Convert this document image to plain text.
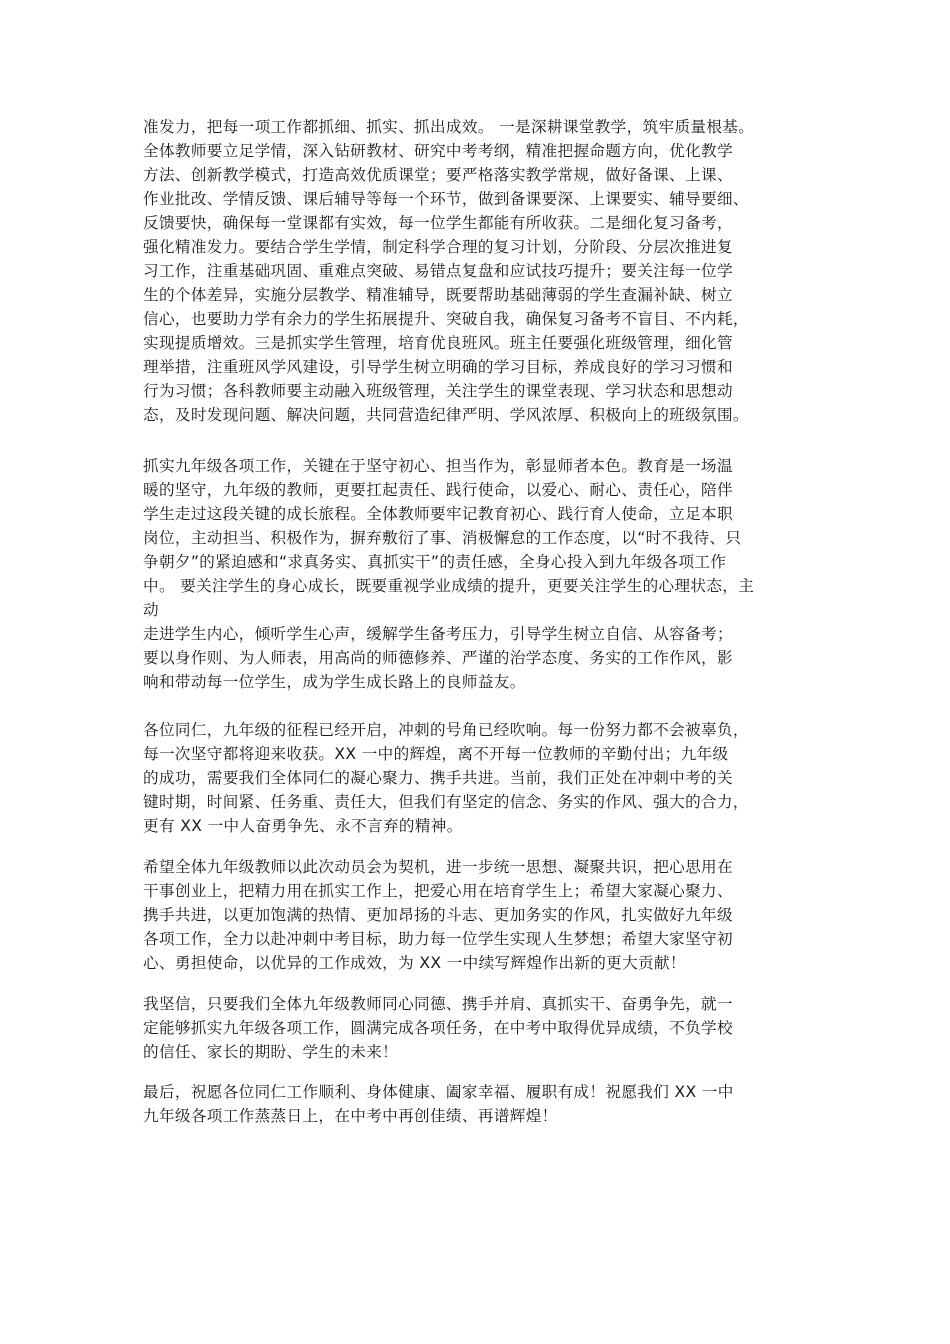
准发力，把每一项工作都抓细、抓实、抓出成效。 一是深耕课堂教学，筑牢质量根基。
全体教师要立足学情，深入钻研教材、研究中考考纲，精准把握命题方向，优化教学
方法、创新教学模式，打造高效优质课堂；要严格落实教学常规，做好备课、上课、
作业批改、学情反馈、课后辅导等每一个环节，做到备课要深、上课要实、辅导要细、
反馈要快，确保每一堂课都有实效，每一位学生都能有所收获。二是细化复习备考，
强化精准发力。要结合学生学情，制定科学合理的复习计划，分阶段、分层次推进复
习工作，注重基础巩固、重难点突破、易错点复盘和应试技巧提升；要关注每一位学
生的个体差异，实施分层教学、精准辅导，既要帮助基础薄弱的学生查漏补缺、树立
信心，也要助力学有余力的学生拓展提升、突破自我，确保复习备考不盲目、不内耗，
实现提质增效。三是抓实学生管理，培育优良班风。班主任要强化班级管理，细化管
理举措，注重班风学风建设，引导学生树立明确的学习目标，养成良好的学习习惯和
行为习惯；各科教师要主动融入班级管理，关注学生的课堂表现、学习状态和思想动
态，及时发现问题、解决问题，共同营造纪律严明、学风浓厚、积极向上的班级氛围。
抓实九年级各项工作，关键在于坚守初心、担当作为，彰显师者本色。教育是一场温
暖的坚守，九年级的教师，更要扛起责任、践行使命，以爱心、耐心、责任心，陪伴
学生走过这段关键的成长旅程。全体教师要牢记教育初心、践行育人使命，立足本职
岗位，主动担当、积极作为，摒弃敷衍了事、消极懈怠的工作态度，以“时不我待、只
争朝夕”的紧迫感和“求真务实、真抓实干”的责任感，全身心投入到九年级各项工作
中。 要关注学生的身心成长，既要重视学业成绩的提升，更要关注学生的心理状态，主
动
走进学生内心，倾听学生心声，缓解学生备考压力，引导学生树立自信、从容备考；
要以身作则、为人师表，用高尚的师德修养、严谨的治学态度、务实的工作作风，影
响和带动每一位学生，成为学生成长路上的良师益友。
各位同仁，九年级的征程已经开启，冲刺的号角已经吹响。每一份努力都不会被辜负，
每一次坚守都将迎来收获。XX 一中的辉煌，离不开每一位教师的辛勤付出；九年级
的成功，需要我们全体同仁的凝心聚力、携手共进。当前，我们正处在冲刺中考的关
键时期，时间紧、任务重、责任大，但我们有坚定的信念、务实的作风、强大的合力，
更有 XX 一中人奋勇争先、永不言弃的精神。
希望全体九年级教师以此次动员会为契机，进一步统一思想、凝聚共识，把心思用在
干事创业上，把精力用在抓实工作上，把爱心用在培育学生上；希望大家凝心聚力、
携手共进，以更加饱满的热情、更加昂扬的斗志、更加务实的作风，扎实做好九年级
各项工作，全力以赴冲刺中考目标，助力每一位学生实现人生梦想；希望大家坚守初
心、勇担使命，以优异的工作成效，为 XX 一中续写辉煌作出新的更大贡献！
我坚信，只要我们全体九年级教师同心同德、携手并肩、真抓实干、奋勇争先，就一
定能够抓实九年级各项工作，圆满完成各项任务，在中考中取得优异成绩，不负学校
的信任、家长的期盼、学生的未来！
最后，祝愿各位同仁工作顺利、身体健康、阖家幸福、履职有成！祝愿我们 XX 一中
九年级各项工作蒸蒸日上，在中考中再创佳绩、再谱辉煌！
